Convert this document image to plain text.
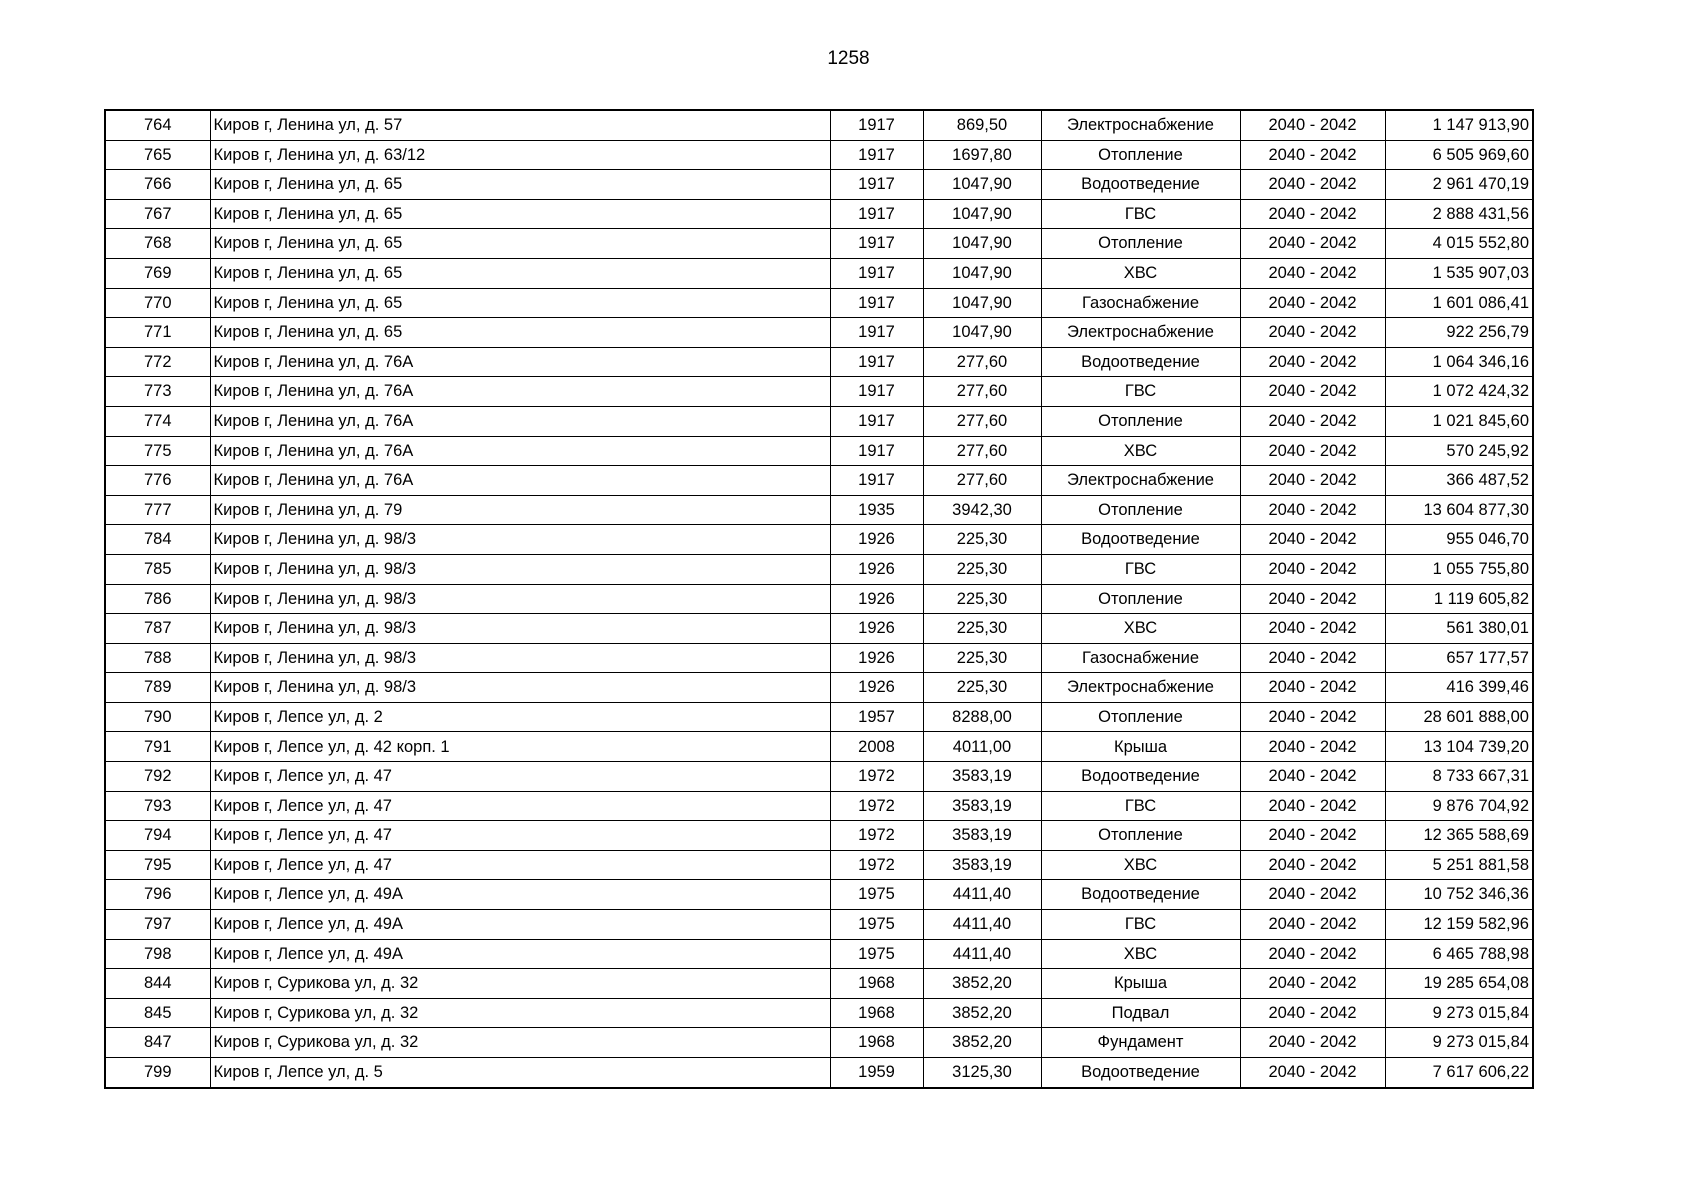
1258
764	Киров г, Ленина ул, д. 57	1917	869,50	Электроснабжение	2040 - 2042	1 147 913,90
765	Киров г, Ленина ул, д. 63/12	1917	1697,80	Отопление	2040 - 2042	6 505 969,60
766	Киров г, Ленина ул, д. 65	1917	1047,90	Водоотведение	2040 - 2042	2 961 470,19
767	Киров г, Ленина ул, д. 65	1917	1047,90	ГВС	2040 - 2042	2 888 431,56
768	Киров г, Ленина ул, д. 65	1917	1047,90	Отопление	2040 - 2042	4 015 552,80
769	Киров г, Ленина ул, д. 65	1917	1047,90	ХВС	2040 - 2042	1 535 907,03
770	Киров г, Ленина ул, д. 65	1917	1047,90	Газоснабжение	2040 - 2042	1 601 086,41
771	Киров г, Ленина ул, д. 65	1917	1047,90	Электроснабжение	2040 - 2042	922 256,79
772	Киров г, Ленина ул, д. 76А	1917	277,60	Водоотведение	2040 - 2042	1 064 346,16
773	Киров г, Ленина ул, д. 76А	1917	277,60	ГВС	2040 - 2042	1 072 424,32
774	Киров г, Ленина ул, д. 76А	1917	277,60	Отопление	2040 - 2042	1 021 845,60
775	Киров г, Ленина ул, д. 76А	1917	277,60	ХВС	2040 - 2042	570 245,92
776	Киров г, Ленина ул, д. 76А	1917	277,60	Электроснабжение	2040 - 2042	366 487,52
777	Киров г, Ленина ул, д. 79	1935	3942,30	Отопление	2040 - 2042	13 604 877,30
784	Киров г, Ленина ул, д. 98/3	1926	225,30	Водоотведение	2040 - 2042	955 046,70
785	Киров г, Ленина ул, д. 98/3	1926	225,30	ГВС	2040 - 2042	1 055 755,80
786	Киров г, Ленина ул, д. 98/3	1926	225,30	Отопление	2040 - 2042	1 119 605,82
787	Киров г, Ленина ул, д. 98/3	1926	225,30	ХВС	2040 - 2042	561 380,01
788	Киров г, Ленина ул, д. 98/3	1926	225,30	Газоснабжение	2040 - 2042	657 177,57
789	Киров г, Ленина ул, д. 98/3	1926	225,30	Электроснабжение	2040 - 2042	416 399,46
790	Киров г, Лепсе ул, д. 2	1957	8288,00	Отопление	2040 - 2042	28 601 888,00
791	Киров г, Лепсе ул, д. 42 корп. 1	2008	4011,00	Крыша	2040 - 2042	13 104 739,20
792	Киров г, Лепсе ул, д. 47	1972	3583,19	Водоотведение	2040 - 2042	8 733 667,31
793	Киров г, Лепсе ул, д. 47	1972	3583,19	ГВС	2040 - 2042	9 876 704,92
794	Киров г, Лепсе ул, д. 47	1972	3583,19	Отопление	2040 - 2042	12 365 588,69
795	Киров г, Лепсе ул, д. 47	1972	3583,19	ХВС	2040 - 2042	5 251 881,58
796	Киров г, Лепсе ул, д. 49А	1975	4411,40	Водоотведение	2040 - 2042	10 752 346,36
797	Киров г, Лепсе ул, д. 49А	1975	4411,40	ГВС	2040 - 2042	12 159 582,96
798	Киров г, Лепсе ул, д. 49А	1975	4411,40	ХВС	2040 - 2042	6 465 788,98
844	Киров г, Сурикова ул, д. 32	1968	3852,20	Крыша	2040 - 2042	19 285 654,08
845	Киров г, Сурикова ул, д. 32	1968	3852,20	Подвал	2040 - 2042	9 273 015,84
847	Киров г, Сурикова ул, д. 32	1968	3852,20	Фундамент	2040 - 2042	9 273 015,84
799	Киров г, Лепсе ул, д. 5	1959	3125,30	Водоотведение	2040 - 2042	7 617 606,22
